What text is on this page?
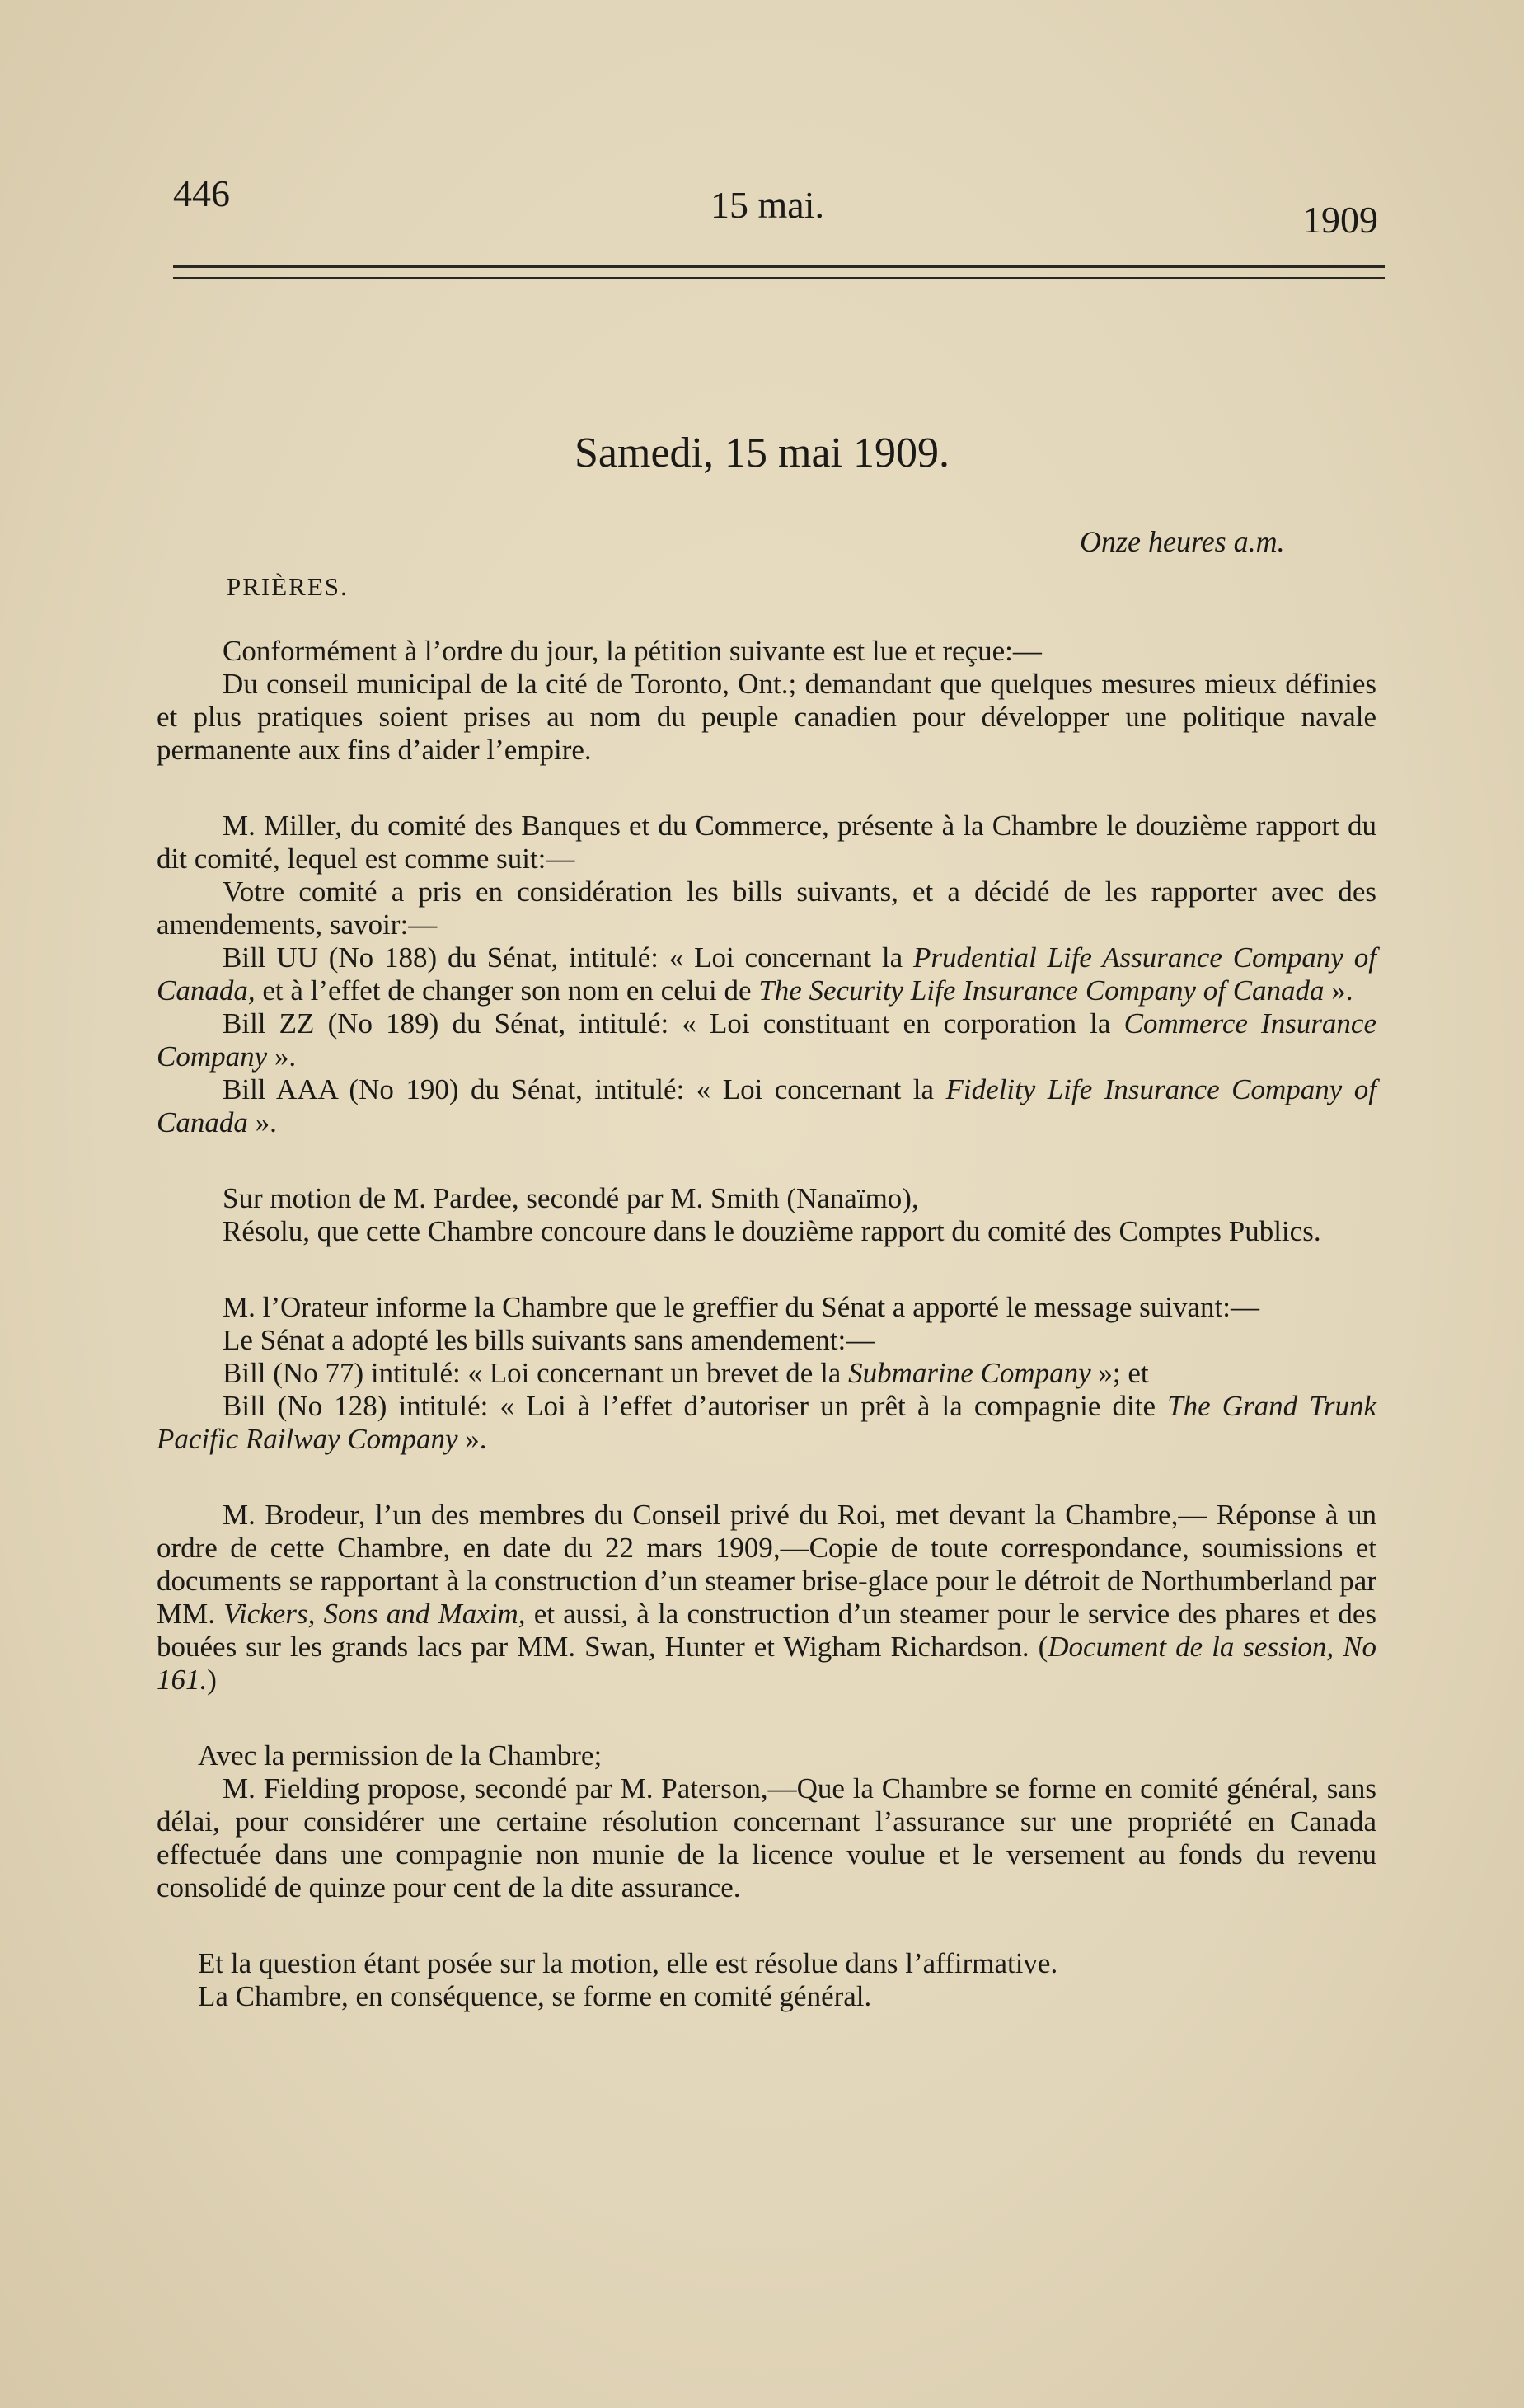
446	15 mai.	1909
Samedi, 15 mai 1909.
Onze heures a.m.
PRIÈRES.

Conformément à l’ordre du jour, la pétition suivante est lue et reçue:—

Du conseil municipal de la cité de Toronto, Ont.; demandant que quelques mesures mieux définies et plus pratiques soient prises au nom du peuple canadien pour développer une politique navale permanente aux fins d’aider l’empire.

M. Miller, du comité des Banques et du Commerce, présente à la Chambre le douzième rapport du dit comité, lequel est comme suit:—

Votre comité a pris en considération les bills suivants, et a décidé de les rapporter avec des amendements, savoir:—

Bill UU (No 188) du Sénat, intitulé: « Loi concernant la Prudential Life Assurance Company of Canada, et à l’effet de changer son nom en celui de The Security Life Insurance Company of Canada ».

Bill ZZ (No 189) du Sénat, intitulé: « Loi constituant en corporation la Commerce Insurance Company ».

Bill AAA (No 190) du Sénat, intitulé: « Loi concernant la Fidelity Life Insurance Company of Canada ».

Sur motion de M. Pardee, secondé par M. Smith (Nanaïmo),

Résolu, que cette Chambre concoure dans le douzième rapport du comité des Comptes Publics.

M. l’Orateur informe la Chambre que le greffier du Sénat a apporté le message suivant:—

Le Sénat a adopté les bills suivants sans amendement:—

Bill (No 77) intitulé: « Loi concernant un brevet de la Submarine Company »; et

Bill (No 128) intitulé: « Loi à l’effet d’autoriser un prêt à la compagnie dite The Grand Trunk Pacific Railway Company ».

M. Brodeur, l’un des membres du Conseil privé du Roi, met devant la Chambre,— Réponse à un ordre de cette Chambre, en date du 22 mars 1909,—Copie de toute correspondance, soumissions et documents se rapportant à la construction d’un steamer brise-glace pour le détroit de Northumberland par MM. Vickers, Sons and Maxim, et aussi, à la construction d’un steamer pour le service des phares et des bouées sur les grands lacs par MM. Swan, Hunter et Wigham Richardson. (Document de la session, No 161.)

Avec la permission de la Chambre;

M. Fielding propose, secondé par M. Paterson,—Que la Chambre se forme en comité général, sans délai, pour considérer une certaine résolution concernant l’assurance sur une propriété en Canada effectuée dans une compagnie non munie de la licence voulue et le versement au fonds du revenu consolidé de quinze pour cent de la dite assurance.

Et la question étant posée sur la motion, elle est résolue dans l’affirmative.

La Chambre, en conséquence, se forme en comité général.
